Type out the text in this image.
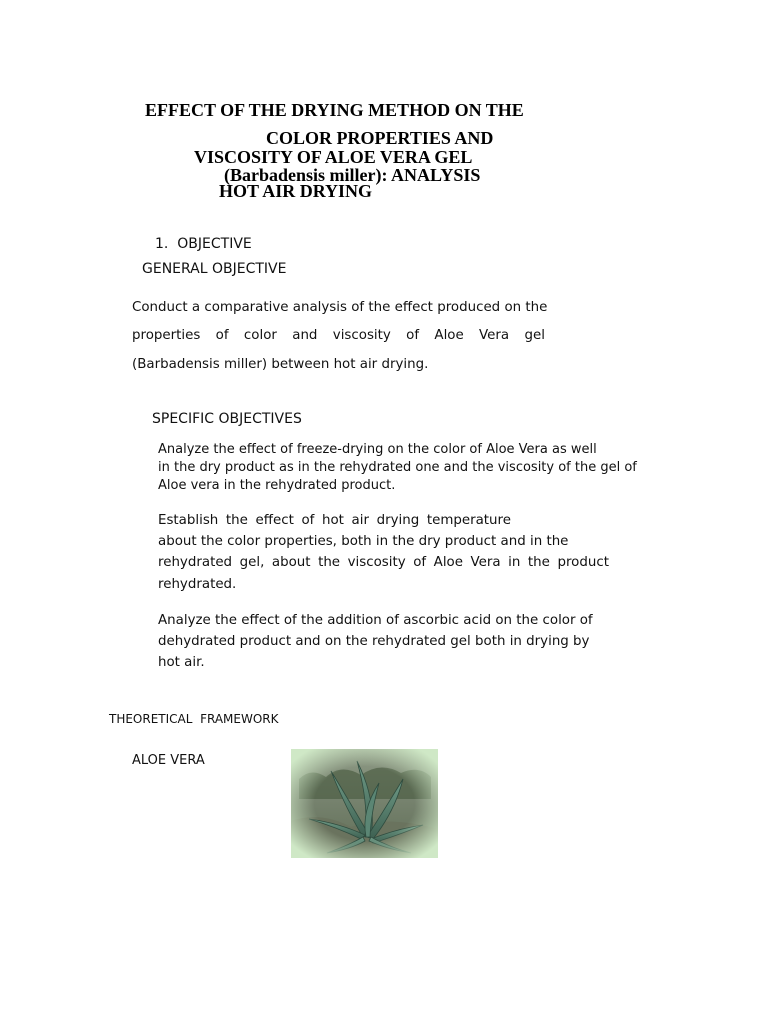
EFFECT OF THE DRYING METHOD ON THE
COLOR PROPERTIES AND
VISCOSITY OF ALOE VERA GEL
(Barbadensis miller): ANALYSIS
HOT AIR DRYING
1. OBJECTIVE
GENERAL OBJECTIVE
Conduct a comparative analysis of the effect produced on the
properties of color and viscosity of Aloe Vera gel
(Barbadensis miller) between hot air drying.
SPECIFIC OBJECTIVES
Analyze the effect of freeze-drying on the color of Aloe Vera as well
in the dry product as in the rehydrated one and the viscosity of the gel of
Aloe vera in the rehydrated product.
Establish the effect of hot air drying temperature
about the color properties, both in the dry product and in the
rehydrated gel, about the viscosity of Aloe Vera in the product
rehydrated.
Analyze the effect of the addition of ascorbic acid on the color of
dehydrated product and on the rehydrated gel both in drying by
hot air.
THEORETICAL  FRAMEWORK
ALOE VERA
